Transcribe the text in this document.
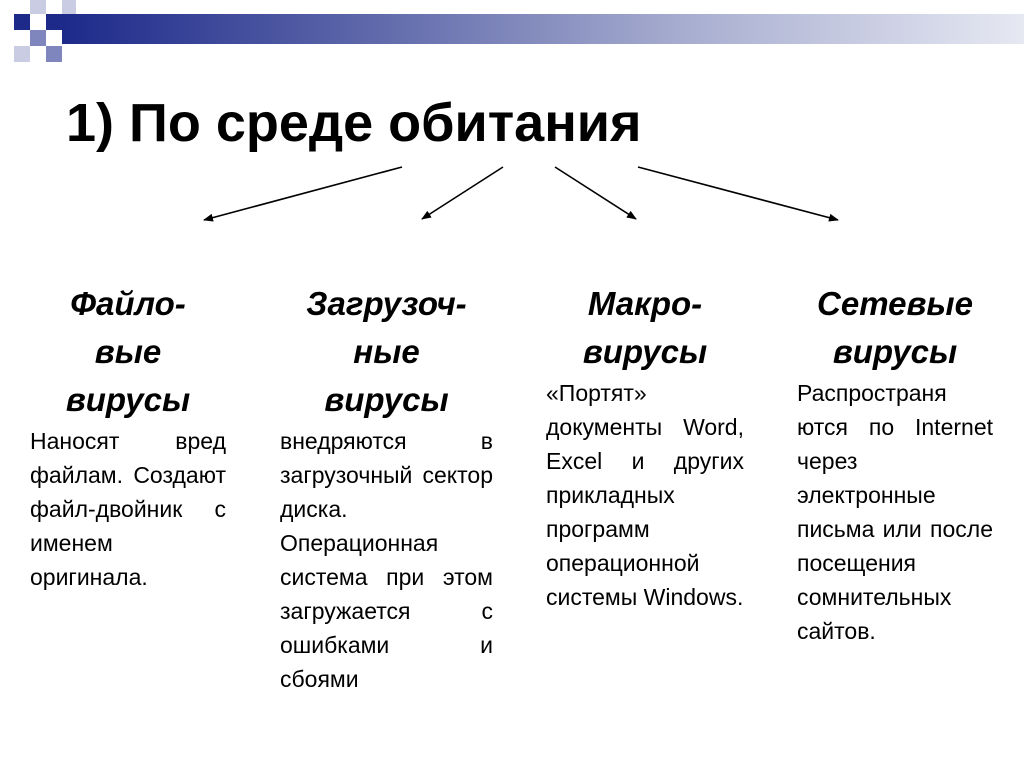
1) По среде обитания
Файло-
вые
вирусы
Наносят вред файлам. Создают файл-двойник с именем оригинала.
Загрузоч-
ные
вирусы
внедряются в загрузочный сектор диска. Операционная система при этом загружается с ошибками и сбоями
Макро-
вирусы
«Портят» документы Word, Excel и других прикладных программ операционной системы Windows.
Сетевые
вирусы
Распространя ются по Internet через электронные письма или после посещения сомнительных сайтов.
